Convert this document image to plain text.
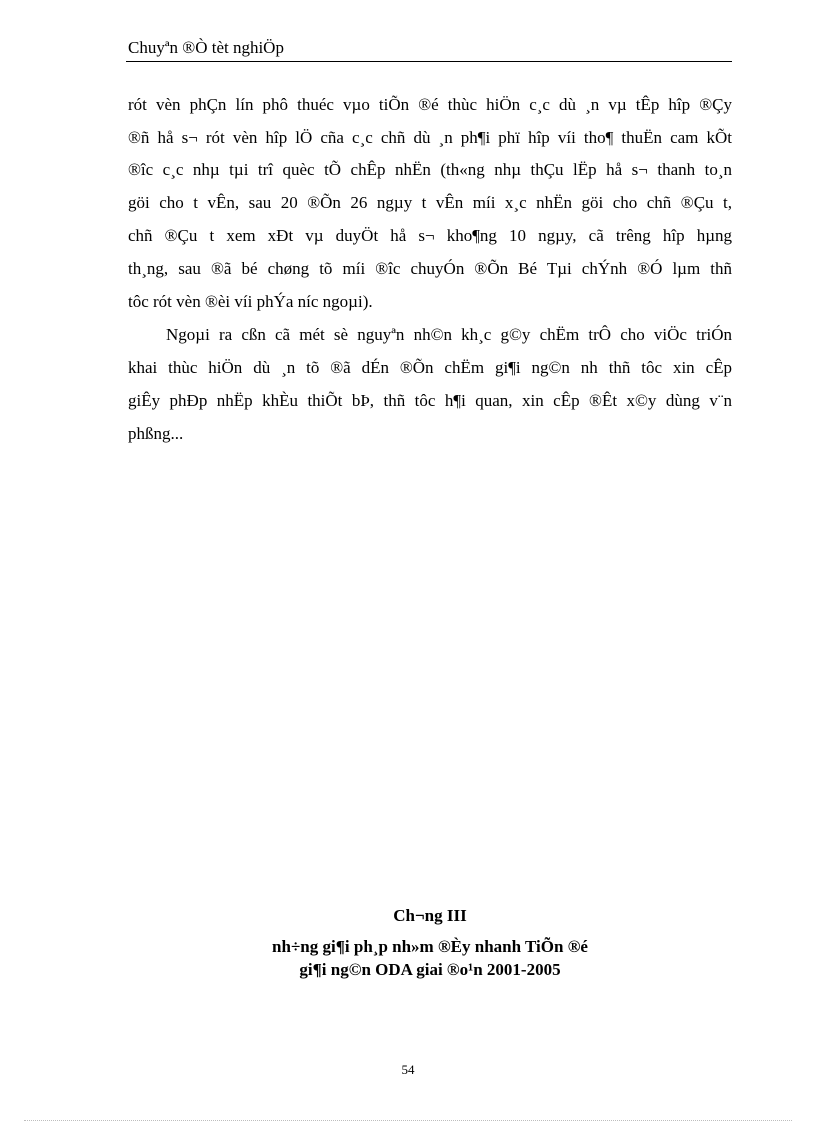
Chuyªn ®Ò tèt nghiÖp
rót vèn phÇn lín phô thuéc vµo tiÕn ®é thùc hiÖn c¸c dù ¸n vµ tÊp hîp ®Çy
®ñ hå s¬ rót vèn hîp lÖ cña c¸c chñ dù ¸n ph¶i phï hîp víi tho¶ thuËn cam kÕt
®îc c¸c nhµ tµi trî quèc tÕ chÊp nhËn (th«ng nhµ thÇu lËp hå s¬ thanh to¸n
göi cho t vÊn, sau 20 ®Õn 26 ngµy t vÊn míi x¸c nhËn göi cho chñ ®Çu t,
chñ ®Çu t xem xÐt vµ duyÖt hå s¬ kho¶ng 10 ngµy, cã trêng hîp hµng
th¸ng, sau ®ã bé chøng tõ míi ®îc chuyÓn ®Õn Bé Tµi chÝnh ®Ó lµm thñ
tôc rót vèn ®èi víi phÝa níc ngoµi).
Ngoµi ra cßn cã mét sè nguyªn nh©n kh¸c g©y chËm trÔ cho viÖc triÓn
khai thùc hiÖn dù ¸n tõ ®ã dÉn ®Õn chËm gi¶i ng©n nh thñ tôc xin cÊp
giÊy phÐp nhËp khÈu thiÕt bÞ, thñ tôc h¶i quan, xin cÊp ®Êt x©y dùng v¨n
phßng...
Ch¬ng III
nh÷ng gi¶i ph¸p nh»m ®Èy nhanh TiÕn ®é
gi¶i ng©n ODA giai ®o¹n 2001-2005
54
